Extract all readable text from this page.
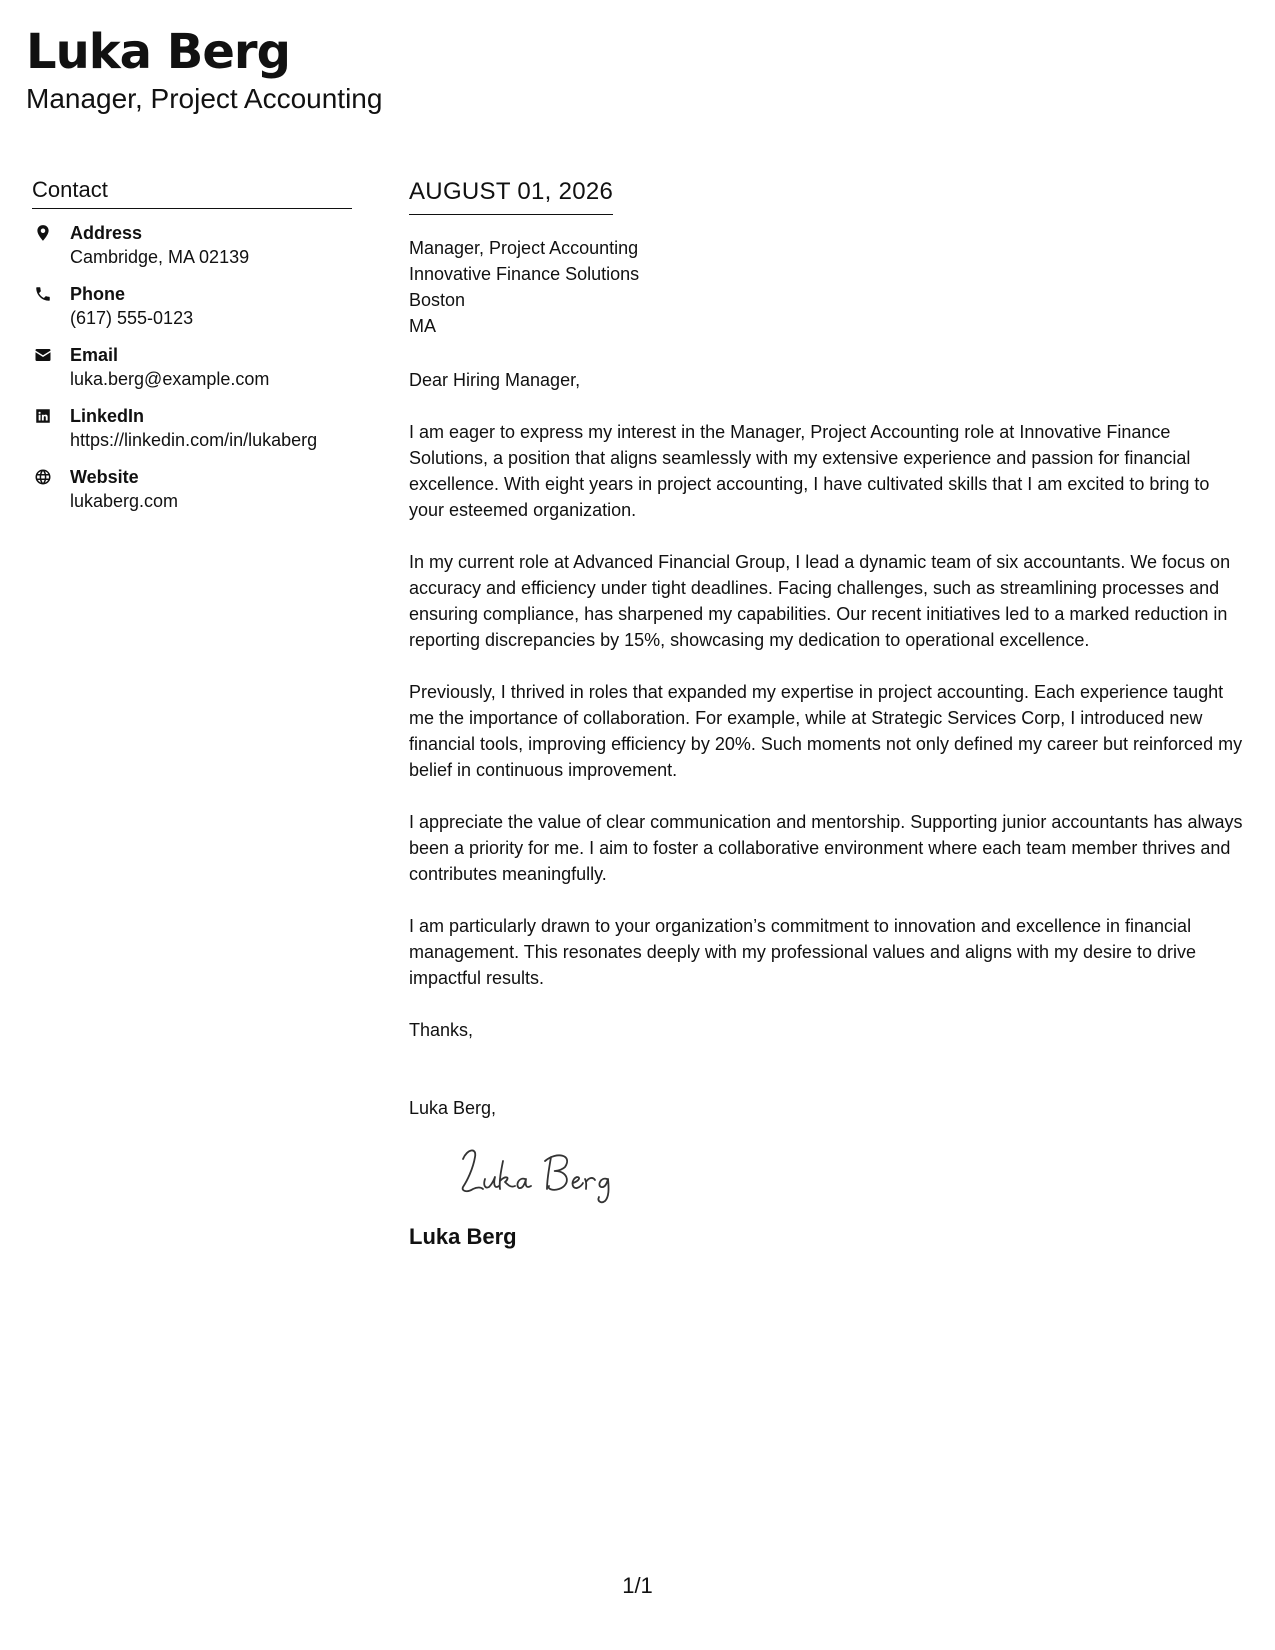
Luka Berg
Manager, Project Accounting
Contact
Address
Cambridge, MA 02139
Phone
(617) 555-0123
Email
luka.berg@example.com
LinkedIn
https://linkedin.com/in/lukaberg
Website
lukaberg.com
AUGUST 01, 2026
Manager, Project Accounting
Innovative Finance Solutions
Boston
MA

Dear Hiring Manager,

I am eager to express my interest in the Manager, Project Accounting role at Innovative Finance Solutions, a position that aligns seamlessly with my extensive experience and passion for financial excellence. With eight years in project accounting, I have cultivated skills that I am excited to bring to your esteemed organization.

In my current role at Advanced Financial Group, I lead a dynamic team of six accountants. We focus on accuracy and efficiency under tight deadlines. Facing challenges, such as streamlining processes and ensuring compliance, has sharpened my capabilities. Our recent initiatives led to a marked reduction in reporting discrepancies by 15%, showcasing my dedication to operational excellence.

Previously, I thrived in roles that expanded my expertise in project accounting. Each experience taught me the importance of collaboration. For example, while at Strategic Services Corp, I introduced new financial tools, improving efficiency by 20%. Such moments not only defined my career but reinforced my belief in continuous improvement.

I appreciate the value of clear communication and mentorship. Supporting junior accountants has always been a priority for me. I aim to foster a collaborative environment where each team member thrives and contributes meaningfully.

I am particularly drawn to your organization’s commitment to innovation and excellence in financial management. This resonates deeply with my professional values and aligns with my desire to drive impactful results.

Thanks,

Luka Berg,

Luka Berg
1/1
